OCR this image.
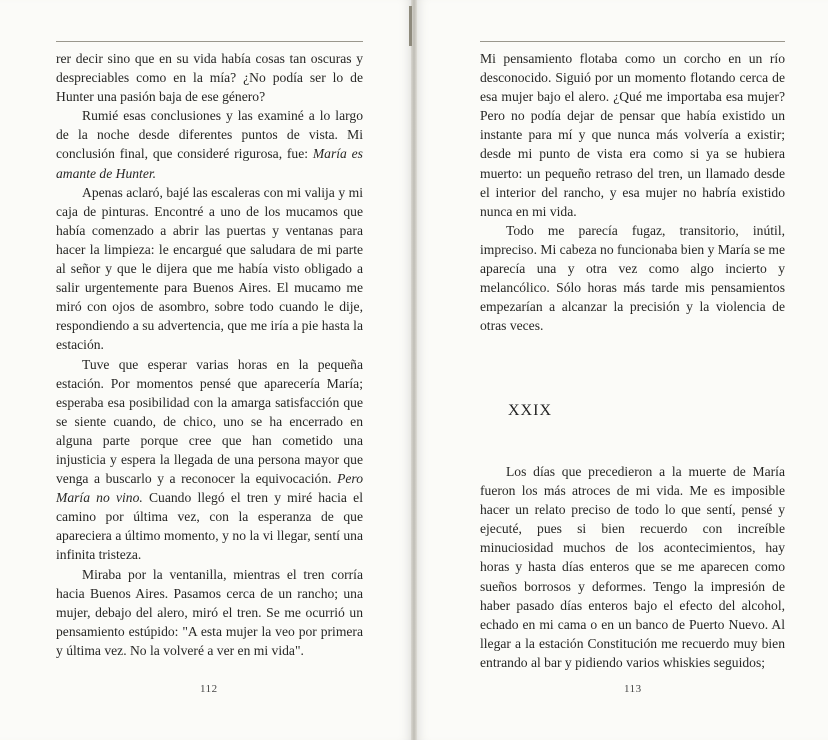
rer decir sino que en su vida había cosas tan oscuras y despreciables como en la mía? ¿No podía ser lo de Hunter una pasión baja de ese género?

Rumié esas conclusiones y las examiné a lo largo de la noche desde diferentes puntos de vista. Mi conclusión final, que consideré rigurosa, fue: María es amante de Hunter.

Apenas aclaró, bajé las escaleras con mi valija y mi caja de pinturas. Encontré a uno de los mucamos que había comenzado a abrir las puertas y ventanas para hacer la limpieza: le encargué que saludara de mi parte al señor y que le dijera que me había visto obligado a salir urgentemente para Buenos Aires. El mucamo me miró con ojos de asombro, sobre todo cuando le dije, respondiendo a su advertencia, que me iría a pie hasta la estación.

Tuve que esperar varias horas en la pequeña estación. Por momentos pensé que aparecería María; esperaba esa posibilidad con la amarga satisfacción que se siente cuando, de chico, uno se ha encerrado en alguna parte porque cree que han cometido una injusticia y espera la llegada de una persona mayor que venga a buscarlo y a reconocer la equivocación. Pero María no vino. Cuando llegó el tren y miré hacia el camino por última vez, con la esperanza de que apareciera a último momento, y no la vi llegar, sentí una infinita tristeza.

Miraba por la ventanilla, mientras el tren corría hacia Buenos Aires. Pasamos cerca de un rancho; una mujer, debajo del alero, miró el tren. Se me ocurrió un pensamiento estúpido: "A esta mujer la veo por primera y última vez. No la volveré a ver en mi vida".

112

Mi pensamiento flotaba como un corcho en un río desconocido. Siguió por un momento flotando cerca de esa mujer bajo el alero. ¿Qué me importaba esa mujer? Pero no podía dejar de pensar que había existido un instante para mí y que nunca más volvería a existir; desde mi punto de vista era como si ya se hubiera muerto: un pequeño retraso del tren, un llamado desde el interior del rancho, y esa mujer no habría existido nunca en mi vida.

Todo me parecía fugaz, transitorio, inútil, impreciso. Mi cabeza no funcionaba bien y María se me aparecía una y otra vez como algo incierto y melancólico. Sólo horas más tarde mis pensamientos empezarían a alcanzar la precisión y la violencia de otras veces.

XXIX

Los días que precedieron a la muerte de María fueron los más atroces de mi vida. Me es imposible hacer un relato preciso de todo lo que sentí, pensé y ejecuté, pues si bien recuerdo con increíble minuciosidad muchos de los acontecimientos, hay horas y hasta días enteros que se me aparecen como sueños borrosos y deformes. Tengo la impresión de haber pasado días enteros bajo el efecto del alcohol, echado en mi cama o en un banco de Puerto Nuevo. Al llegar a la estación Constitución me recuerdo muy bien entrando al bar y pidiendo varios whiskies seguidos;

113
